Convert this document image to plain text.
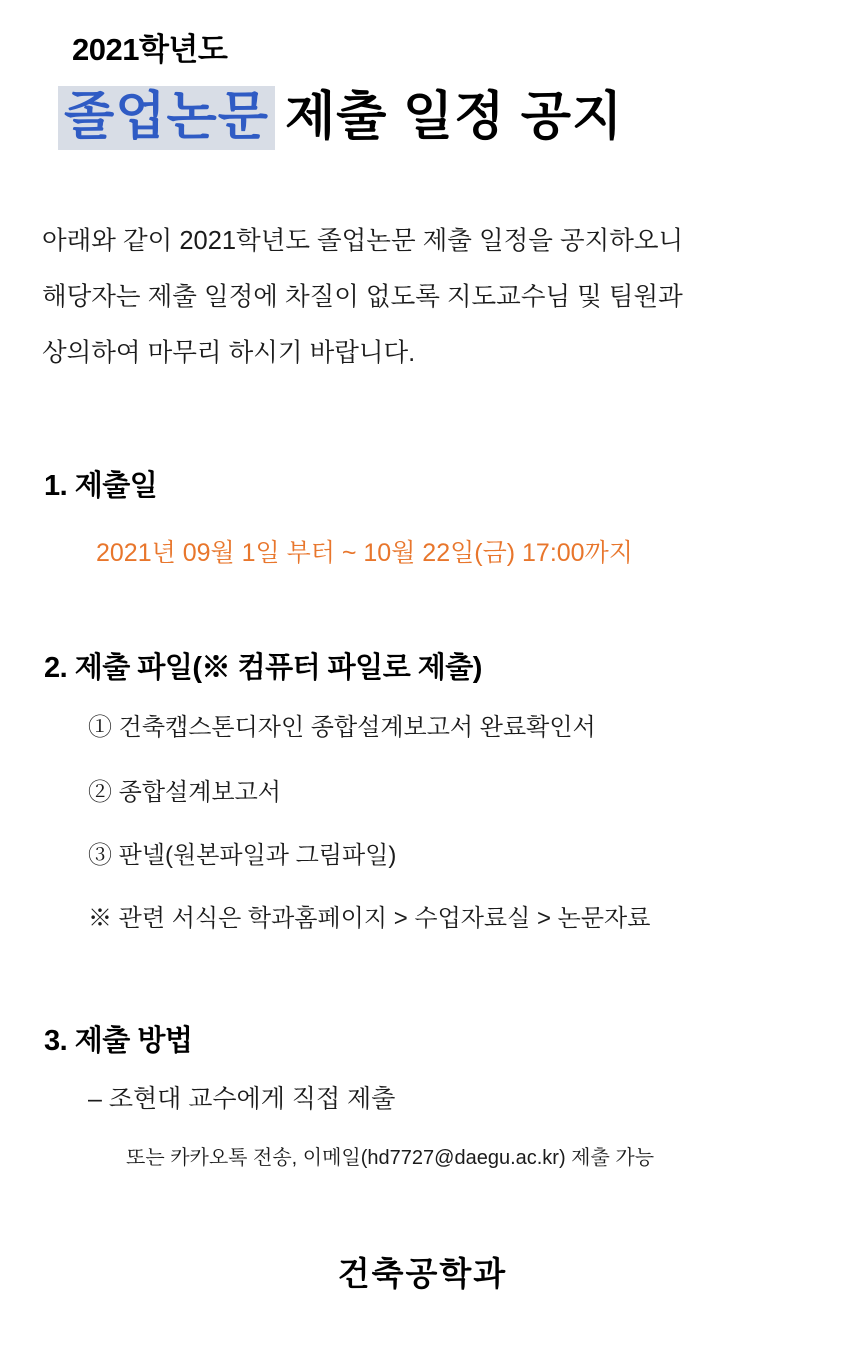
2021학년도
졸업논문 제출 일정 공지
아래와 같이 2021학년도 졸업논문 제출 일정을 공지하오니
해당자는 제출 일정에 차질이 없도록 지도교수님 및 팀원과
상의하여 마무리 하시기 바랍니다.
1. 제출일
2021년 09월 1일 부터 ~ 10월 22일(금) 17:00까지
2. 제출 파일(※ 컴퓨터 파일로 제출)
① 건축캡스톤디자인 종합설계보고서 완료확인서
② 종합설계보고서
③ 판넬(원본파일과 그림파일)
※ 관련 서식은 학과홈페이지 > 수업자료실 > 논문자료
3. 제출 방법
– 조현대 교수에게 직접 제출
또는 카카오톡 전송, 이메일(hd7727@daegu.ac.kr) 제출 가능
건축공학과
